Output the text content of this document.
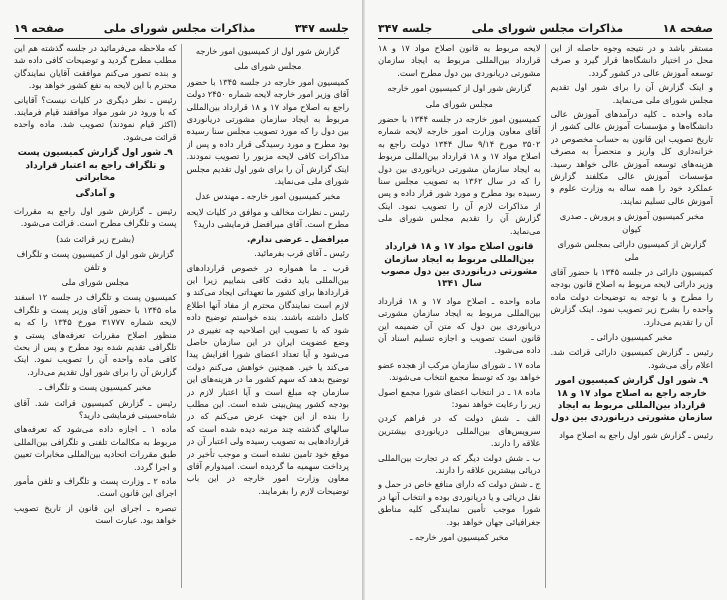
جلسه ۳۴۷
مذاکرات مجلس شورای ملی
صفحه ۱۹

گزارش شور اول از کمیسیون امور خارجه

مجلس شورای ملی

کمیسیون امور خارجه در جلسه ۱۳۴۵ با حضور آقای وزیر امور خارجه لایحه شماره ۲۴۵۰ دولت راجع به اصلاح مواد ۱۷ و ۱۸ قرارداد بین‌المللی مربوط به ایجاد سازمان مشورتی دریانوردی بین دول را که مورد تصویب مجلس سنا رسیده بود مطرح و مورد رسیدگی قرار داده و پس از مذاکرات کافی لایحه مزبور را تصویب نمودند. اینک گزارش آن را برای شور اول تقدیم مجلس شورای ملی می‌نماید.

مخبر کمیسیون امور خارجه ـ مهندس عدل

رئیس ـ نظرات مخالف و موافق در کلیات لایحه مطرح است. آقای میرافضل فرمایشی دارید؟

میرافضل ـ عرضی ندارم.

رئیس ـ آقای قرب بفرمائید.

قرب ـ ما همواره در خصوص قراردادهای بین‌المللی باید دقت کافی بنماییم زیرا این قراردادها برای کشور ما تعهداتی ایجاد می‌کند و لازم است نمایندگان محترم از مفاد آنها اطلاع کامل داشته باشند. بنده خواستم توضیح داده شود که با تصویب این اصلاحیه چه تغییری در وضع عضویت ایران در این سازمان حاصل می‌شود و آیا تعداد اعضای شورا افزایش پیدا می‌کند یا خیر. همچنین خواهش می‌کنم دولت توضیح بدهد که سهم کشور ما در هزینه‌های این سازمان چه مبلغ است و آیا اعتبار لازم در بودجه کشور پیش‌بینی شده است. این مطلب را بنده از این جهت عرض می‌کنم که در سالهای گذشته چند مرتبه دیده شده است که قراردادهایی به تصویب رسیده ولی اعتبار آن در موقع خود تامین نشده است و موجب تأخیر در پرداخت سهمیه ما گردیده است. امیدوارم آقای معاون وزارت امور خارجه در این باب توضیحات لازم را بفرمایند.

که ملاحظه می‌فرمائید در جلسه گذشته هم این مطلب مطرح گردید و توضیحات کافی داده شد و بنده تصور می‌کنم موافقت آقایان نمایندگان محترم با این لایحه به نفع کشور خواهد بود.

رئیس ـ نظر دیگری در کلیات نیست؟ آقایانی که با ورود در شور مواد موافقند قیام فرمایند. (اکثر قیام نمودند) تصویب شد. ماده واحده قرائت می‌شود.

۹ـ شور اول گزارش کمیسیون پست و تلگراف راجع به اعتبار قرارداد مخابراتی

و آمادگی

رئیس ـ گزارش شور اول راجع به مقررات پست و تلگراف مطرح است. قرائت می‌شود.

(بشرح زیر قرائت شد)

گزارش شور اول از کمیسیون پست و تلگراف و تلفن

مجلس شورای ملی

کمیسیون پست و تلگراف در جلسه ۱۲ اسفند ماه ۱۳۴۵ با حضور آقای وزیر پست و تلگراف لایحه شماره ۳۱۷۷۷ مورخ ۱۳۴۵ را که به منظور اصلاح مقررات تعرفه‌های پستی و تلگرافی تقدیم شده بود مطرح و پس از بحث کافی ماده واحده آن را تصویب نمود. اینک گزارش آن را برای شور اول تقدیم می‌دارد.

مخبر کمیسیون پست و تلگراف ـ

رئیس ـ گزارش کمیسیون قرائت شد. آقای شاه‌حسینی فرمایشی دارید؟

ماده ۱ ـ اجازه داده می‌شود که تعرفه‌های مربوط به مکالمات تلفنی و تلگرافی بین‌المللی طبق مقررات اتحادیه بین‌المللی مخابرات تعیین و اجرا گردد.

ماده ۲ ـ وزارت پست و تلگراف و تلفن مأمور اجرای این قانون است.

تبصره ـ اجرای این قانون از تاریخ تصویب خواهد بود. عبارت است

صفحه ۱۸
مذاکرات مجلس شورای ملی
جلسه ۳۴۷

مستقر باشد و در نتیجه وجوه حاصله از این محل در اختیار دانشگاه‌ها قرار گیرد و صرف توسعه آموزش عالی در کشور گردد.

و اینک گزارش آن را برای شور اول تقدیم مجلس شورای ملی می‌نماید.

ماده واحده ـ کلیه درآمدهای آموزش عالی دانشگاه‌ها و مؤسسات آموزش عالی کشور از تاریخ تصویب این قانون به حساب مخصوص در خزانه‌داری کل واریز و منحصراً به مصرف هزینه‌های توسعه آموزش عالی خواهد رسید. مؤسسات آموزش عالی مکلفند گزارش عملکرد خود را همه ساله به وزارت علوم و آموزش عالی تسلیم نمایند.

مخبر کمیسیون آموزش و پرورش ـ صدری کیوان

گزارش از کمیسیون دارائی بمجلس شورای ملی

کمیسیون دارائی در جلسه ۱۳۴۵ با حضور آقای وزیر دارائی لایحه مربوط به اصلاح قانون بودجه را مطرح و با توجه به توضیحات دولت ماده واحده را بشرح زیر تصویب نمود. اینک گزارش آن را تقدیم می‌دارد.

مخبر کمیسیون دارائی ـ

رئیس ـ گزارش کمیسیون دارائی قرائت شد. اعلام رأی می‌شود.

۹ـ شور اول گزارش کمیسیون امور خارجه راجع به اصلاح مواد ۱۷ و ۱۸ قرارداد بین‌المللی مربوط به ایجاد سازمان مشورتی دریانوردی بین دول

رئیس ـ گزارش شور اول راجع به اصلاح مواد

لایحه مربوط به قانون اصلاح مواد ۱۷ و ۱۸ قرارداد بین‌المللی مربوط به ایجاد سازمان مشورتی دریانوردی بین دول مطرح است.

گزارش شور اول از کمیسیون امور خارجه

مجلس شورای ملی

کمیسیون امور خارجه در جلسه ۱۳۴۴ با حضور آقای معاون وزارت امور خارجه لایحه شماره ۳۵۰۲ مورخ ۹/۱۴ سال ۱۳۴۴ دولت راجع به اصلاح مواد ۱۷ و ۱۸ قرارداد بین‌المللی مربوط به ایجاد سازمان مشورتی دریانوردی بین دول را که در سال ۱۳۶۲ به تصویب مجلس سنا رسیده بود مطرح و مورد شور قرار داده و پس از مذاکرات لازم آن را تصویب نمود. اینک گزارش آن را تقدیم مجلس شورای ملی می‌نماید.

قانون اصلاح مواد ۱۷ و ۱۸ قرارداد بین‌المللی مربوط به ایجاد سازمان مشورتی دریانوردی بین دول مصوب سال ۱۳۴۱

ماده واحده ـ اصلاح مواد ۱۷ و ۱۸ قرارداد بین‌المللی مربوط به ایجاد سازمان مشورتی دریانوردی بین دول که متن آن ضمیمه این قانون است تصویب و اجازه تسلیم اسناد آن داده می‌شود.

ماده ۱۷ ـ شورای سازمان مرکب از هجده عضو خواهد بود که توسط مجمع انتخاب می‌شوند.

ماده ۱۸ ـ در انتخاب اعضای شورا مجمع اصول زیر را رعایت خواهد نمود:

الف ـ شش دولت که در فراهم کردن سرویس‌های بین‌المللی دریانوردی بیشترین علاقه را دارند.

ب ـ شش دولت دیگر که در تجارت بین‌المللی دریائی بیشترین علاقه را دارند.

ج ـ شش دولت که دارای منافع خاص در حمل و نقل دریائی و یا دریانوردی بوده و انتخاب آنها در شورا موجب تأمین نمایندگی کلیه مناطق جغرافیائی جهان خواهد بود.

مخبر کمیسیون امور خارجه ـ
